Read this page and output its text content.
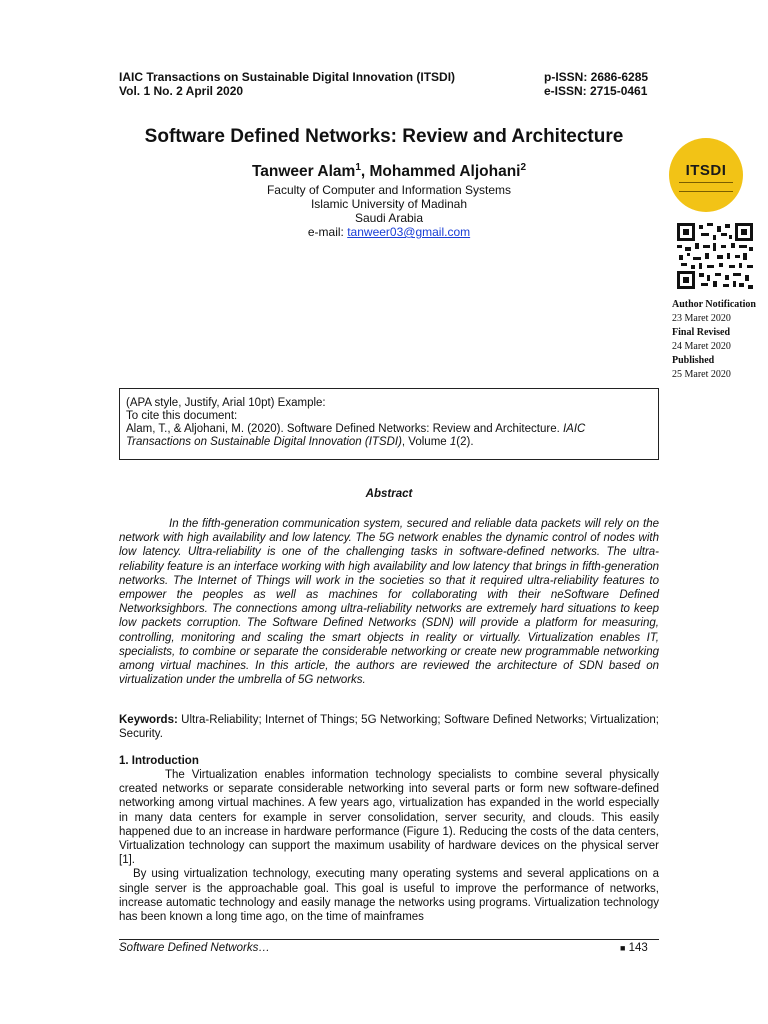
IAIC Transactions on Sustainable Digital Innovation (ITSDI)
Vol. 1 No. 2 April 2020
p-ISSN: 2686-6285
e-ISSN: 2715-0461
Software Defined Networks: Review and Architecture
Tanweer Alam$^1$, Mohammed Aljohani$^2$
Faculty of Computer and Information Systems
Islamic University of Madinah
Saudi Arabia
e-mail: tanweer03@gmail.com
ITSDI
Author Notification
23 Maret 2020
Final Revised
24 Maret 2020
Published
25 Maret 2020
(APA style, Justify, Arial 10pt) Example:
To cite this document:
Alam, T., & Aljohani, M. (2020). Software Defined Networks: Review and Architecture. IAIC Transactions on Sustainable Digital Innovation (ITSDI), Volume 1(2).
Abstract
In the fifth-generation communication system, secured and reliable data packets will rely on the network with high availability and low latency. The 5G network enables the dynamic control of nodes with low latency. Ultra-reliability is one of the challenging tasks in software-defined networks. The ultra-reliability feature is an interface working with high availability and low latency that brings in fifth-generation networks. The Internet of Things will work in the societies so that it required ultra-reliability features to empower the peoples as well as machines for collaborating with their neSoftware Defined Networksighbors. The connections among ultra-reliability networks are extremely hard situations to keep low packets corruption. The Software Defined Networks (SDN) will provide a platform for measuring, controlling, monitoring and scaling the smart objects in reality or virtually. Virtualization enables IT, specialists, to combine or separate the considerable networking or create new programmable networking among virtual machines. In this article, the authors are reviewed the architecture of SDN based on virtualization under the umbrella of 5G networks.
Keywords: Ultra-Reliability; Internet of Things; 5G Networking; Software Defined Networks; Virtualization; Security.
1. Introduction

The Virtualization enables information technology specialists to combine several physically created networks or separate considerable networking into several parts or form new software-defined networking among virtual machines. A few years ago, virtualization has expanded in the world especially in many data centers for example in server consolidation, server security, and clouds. This easily happened due to an increase in hardware performance (Figure 1). Reducing the costs of the data centers, Virtualization technology can support the maximum usability of hardware devices on the physical server [1].

By using virtualization technology, executing many operating systems and several applications on a single server is the approachable goal. This goal is useful to improve the performance of networks, increase automatic technology and easily manage the networks using programs. Virtualization technology has been known a long time ago, on the time of mainframes

Software Defined Networks…	■ 143
